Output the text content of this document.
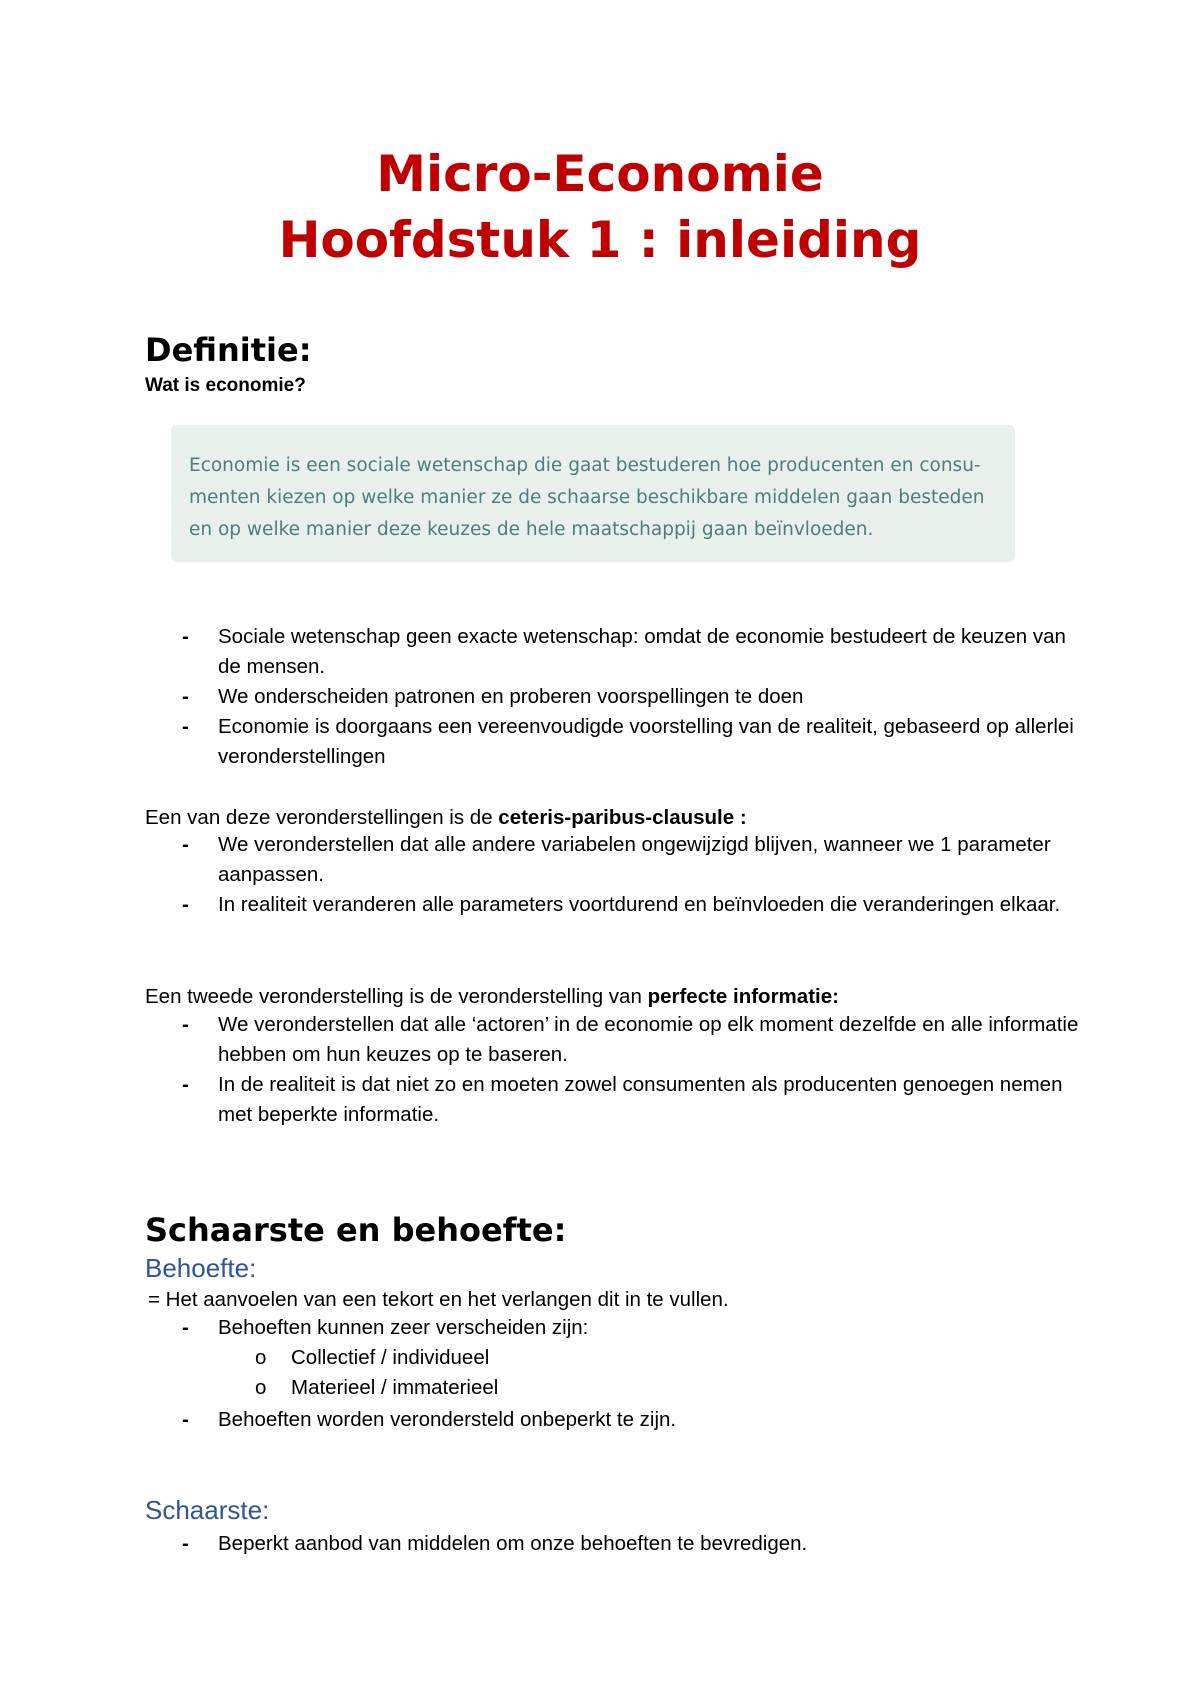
Micro-Economie
Hoofdstuk 1 : inleiding
Definitie:
Wat is economie?
Economie is een sociale wetenschap die gaat bestuderen hoe producenten en consu-
menten kiezen op welke manier ze de schaarse beschikbare middelen gaan besteden
en op welke manier deze keuzes de hele maatschappij gaan beïnvloeden.
- Sociale wetenschap geen exacte wetenschap: omdat de economie bestudeert de keuzen van de mensen.
- We onderscheiden patronen en proberen voorspellingen te doen
- Economie is doorgaans een vereenvoudigde voorstelling van de realiteit, gebaseerd op allerlei veronderstellingen
Een van deze veronderstellingen is de ceteris-paribus-clausule :
- We veronderstellen dat alle andere variabelen ongewijzigd blijven, wanneer we 1 parameter aanpassen.
- In realiteit veranderen alle parameters voortdurend en beïnvloeden die veranderingen elkaar.
Een tweede veronderstelling is de veronderstelling van perfecte informatie:
- We veronderstellen dat alle ‘actoren’ in de economie op elk moment dezelfde en alle informatie hebben om hun keuzes op te baseren.
- In de realiteit is dat niet zo en moeten zowel consumenten als producenten genoegen nemen met beperkte informatie.
Schaarste en behoefte:
Behoefte:
= Het aanvoelen van een tekort en het verlangen dit in te vullen.
- Behoeften kunnen zeer verscheiden zijn:
o Collectief / individueel
o Materieel / immaterieel
- Behoeften worden verondersteld onbeperkt te zijn.
Schaarste:
- Beperkt aanbod van middelen om onze behoeften te bevredigen.
